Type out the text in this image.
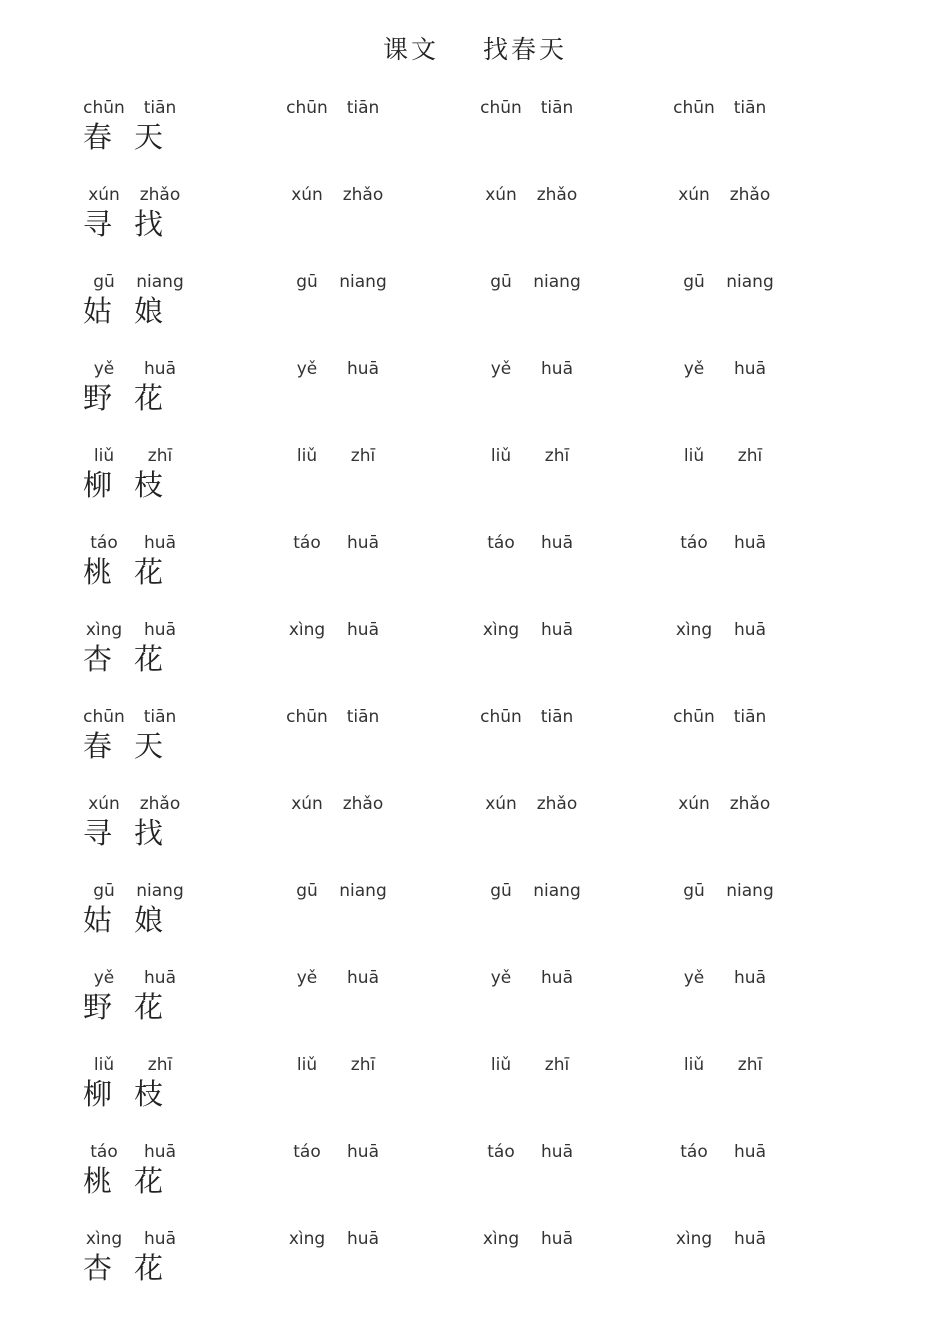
课文 找春天
chūn tiān	chūn tiān	chūn tiān	chūn tiān
春 天
xún zhǎo	xún zhǎo	xún zhǎo	xún zhǎo
寻 找
gū niang	gū niang	gū niang	gū niang
姑 娘
yě huā	yě huā	yě huā	yě huā
野 花
liǔ zhī	liǔ zhī	liǔ zhī	liǔ zhī
柳 枝
táo huā	táo huā	táo huā	táo huā
桃 花
xìng huā	xìng huā	xìng huā	xìng huā
杏 花
chūn tiān	chūn tiān	chūn tiān	chūn tiān
春 天
xún zhǎo	xún zhǎo	xún zhǎo	xún zhǎo
寻 找
gū niang	gū niang	gū niang	gū niang
姑 娘
yě huā	yě huā	yě huā	yě huā
野 花
liǔ zhī	liǔ zhī	liǔ zhī	liǔ zhī
柳 枝
táo huā	táo huā	táo huā	táo huā
桃 花
xìng huā	xìng huā	xìng huā	xìng huā
杏 花
